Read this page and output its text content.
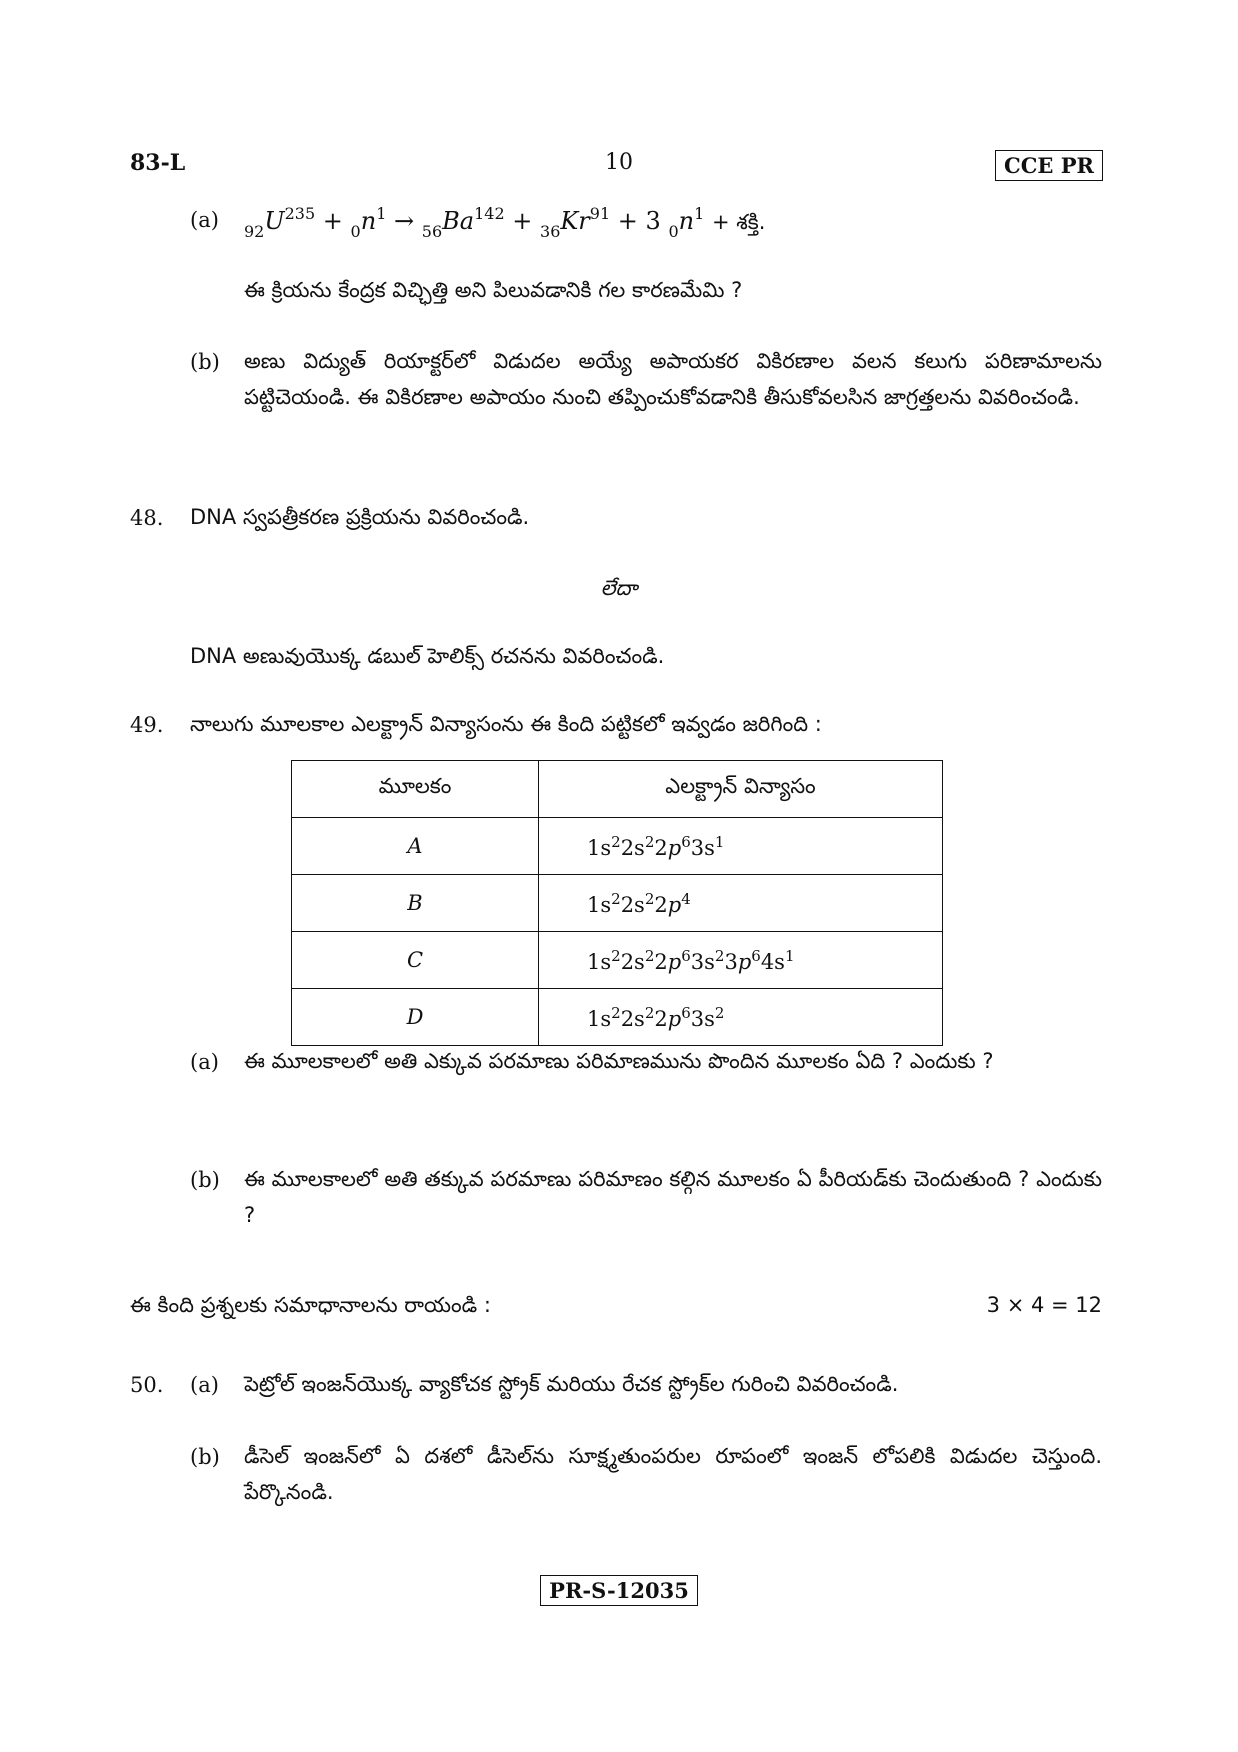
83-L	10	CCE PR
(a) $_{92}U^{235} + _0n^1 \to _{56}Ba^{142} + _{36}Kr^{91} + 3$ $_0n^1$ + శక్తి.
ఈ క్రియను కేంద్రక విచ్ఛిత్తి అని పిలువడానికి గల కారణమేమి ?
(b) అణు విద్యుత్ రియాక్టర్‌లో విడుదల అయ్యే అపాయకర వికిరణాల వలన కలుగు పరిణామాలను పట్టిచెయండి. ఈ వికిరణాల అపాయం నుంచి తప్పించుకోవడానికి తీసుకోవలసిన జాగ్రత్తలను వివరించండి.
48. DNA స్వపత్రీకరణ ప్రక్రియను వివరించండి.
లేదా
DNA అణువుయొక్క డబుల్ హెలిక్స్ రచనను వివరించండి.
49. నాలుగు మూలకాల ఎలక్ట్రాన్ విన్యాసంను ఈ కింది పట్టికలో ఇవ్వడం జరిగింది :
మూలకం	ఎలక్ట్రాన్ విన్యాసం
A	$1s^22s^22p^63s^1$
B	$1s^22s^22p^4$
C	$1s^22s^22p^63s^23p^64s^1$
D	$1s^22s^22p^63s^2$
(a) ఈ మూలకాలలో అతి ఎక్కువ పరమాణు పరిమాణమును పొందిన మూలకం ఏది ? ఎందుకు ?
(b) ఈ మూలకాలలో అతి తక్కువ పరమాణు పరిమాణం కల్గిన మూలకం ఏ పీరియడ్‌కు చెందుతుంది ? ఎందుకు ?
ఈ కింది ప్రశ్నలకు సమాధానాలను రాయండి :	3 × 4 = 12
50. (a) పెట్రోల్ ఇంజన్‌యొక్క వ్యాకోచక స్ట్రోక్ మరియు రేచక స్ట్రోక్‌ల గురించి వివరించండి.
(b) డీసెల్ ఇంజన్‌లో ఏ దశలో డీసెల్‌ను సూక్ష్మతుంపరుల రూపంలో ఇంజన్ లోపలికి విడుదల చెస్తుంది. పేర్కొనండి.
PR-S-12035
